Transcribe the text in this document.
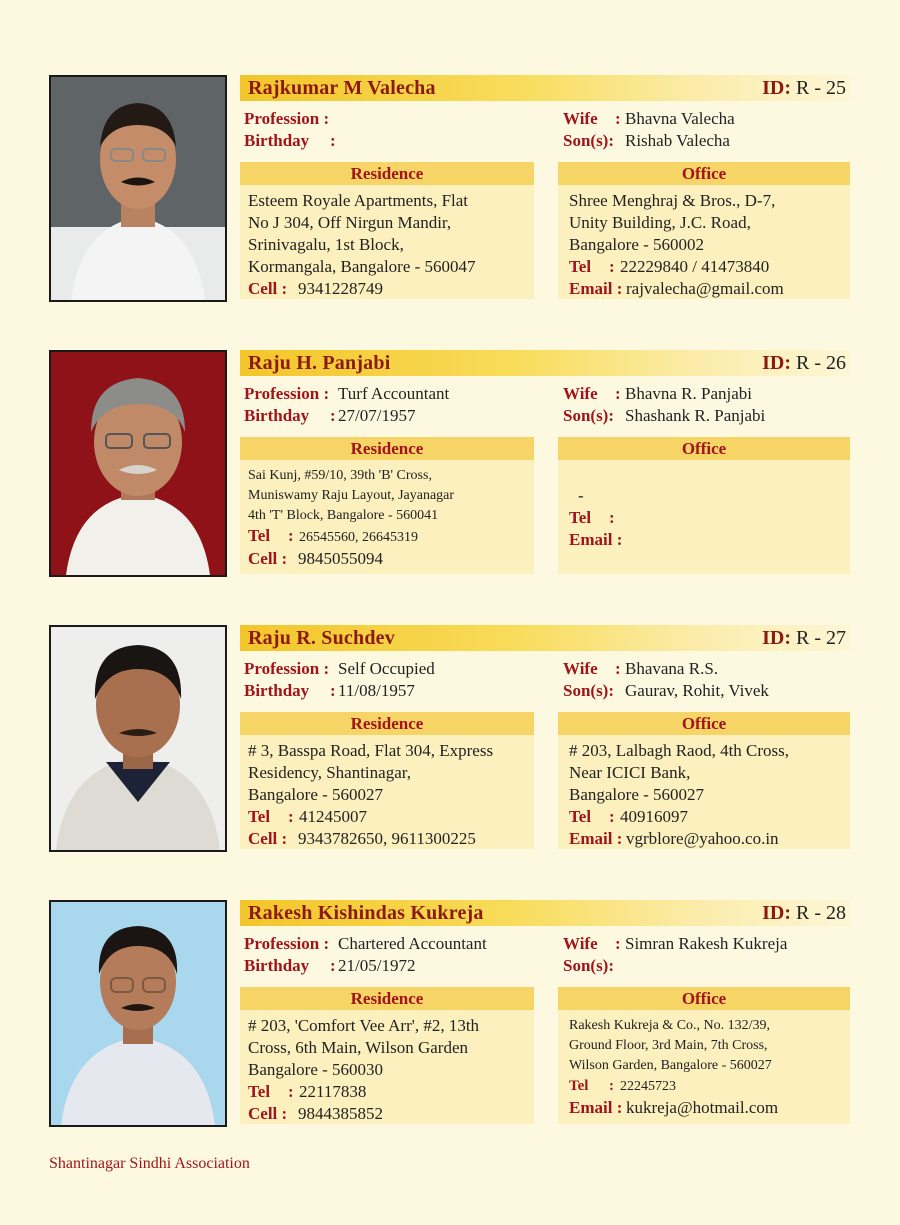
Rajkumar M Valecha	ID: R - 25
Profession :
Birthday :
Wife : Bhavna Valecha
Son(s): Rishab Valecha
Residence
Esteem Royale Apartments, Flat
No J 304, Off Nirgun Mandir,
Srinivagalu, 1st Block,
Kormangala, Bangalore - 560047
Cell : 9341228749
Office
Shree Menghraj & Bros., D-7,
Unity Building, J.C. Road,
Bangalore - 560002
Tel : 22229840 / 41473840
Email : rajvalecha@gmail.com
Raju H. Panjabi	ID: R - 26
Profession : Turf Accountant
Birthday : 27/07/1957
Wife : Bhavna R. Panjabi
Son(s): Shashank R. Panjabi
Residence
Sai Kunj, #59/10, 39th 'B' Cross,
Muniswamy Raju Layout, Jayanagar
4th 'T' Block, Bangalore - 560041
Tel : 26545560, 26645319
Cell : 9845055094
Office
-
Tel :
Email :
Raju R. Suchdev	ID: R - 27
Profession : Self Occupied
Birthday : 11/08/1957
Wife : Bhavana R.S.
Son(s): Gaurav, Rohit, Vivek
Residence
# 3, Basspa Road, Flat 304, Express
Residency, Shantinagar,
Bangalore - 560027
Tel : 41245007
Cell : 9343782650, 9611300225
Office
# 203, Lalbagh Raod, 4th Cross,
Near ICICI Bank,
Bangalore - 560027
Tel : 40916097
Email : vgrblore@yahoo.co.in
Rakesh Kishindas Kukreja	ID: R - 28
Profession : Chartered Accountant
Birthday : 21/05/1972
Wife : Simran Rakesh Kukreja
Son(s):
Residence
# 203, 'Comfort Vee Arr', #2, 13th
Cross, 6th Main, Wilson Garden
Bangalore - 560030
Tel : 22117838
Cell : 9844385852
Office
Rakesh Kukreja & Co., No. 132/39,
Ground Floor, 3rd Main, 7th Cross,
Wilson Garden, Bangalore - 560027
Tel : 22245723
Email : kukreja@hotmail.com
Shantinagar Sindhi Association
